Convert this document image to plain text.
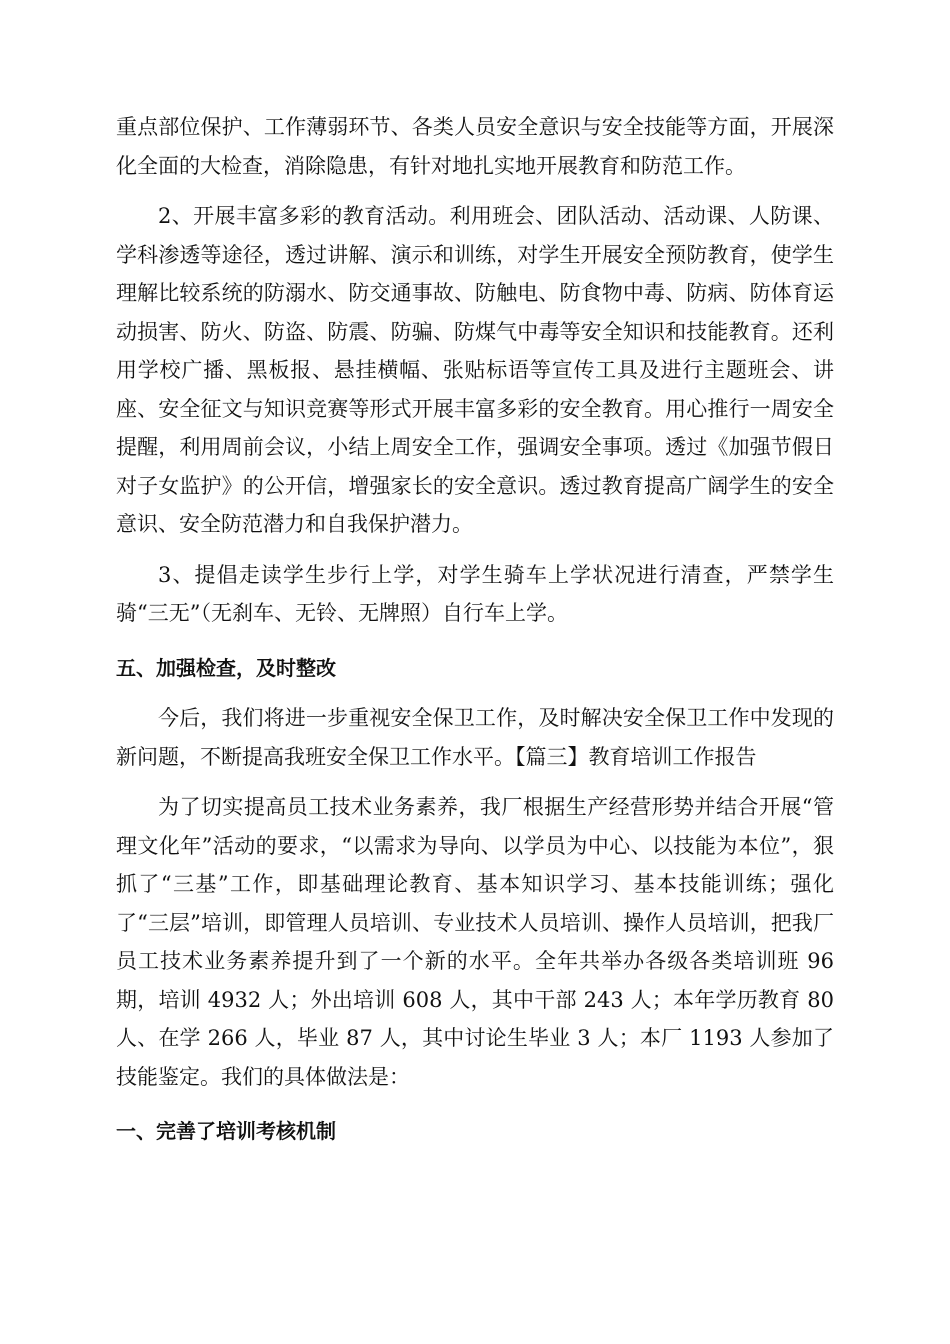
重点部位保护、工作薄弱环节、各类人员安全意识与安全技能等方面，开展深化全面的大检查，消除隐患，有针对地扎实地开展教育和防范工作。

2、开展丰富多彩的教育活动。利用班会、团队活动、活动课、人防课、学科渗透等途径，透过讲解、演示和训练，对学生开展安全预防教育，使学生理解比较系统的防溺水、防交通事故、防触电、防食物中毒、防病、防体育运动损害、防火、防盗、防震、防骗、防煤气中毒等安全知识和技能教育。还利用学校广播、黑板报、悬挂横幅、张贴标语等宣传工具及进行主题班会、讲座、安全征文与知识竞赛等形式开展丰富多彩的安全教育。用心推行一周安全提醒，利用周前会议，小结上周安全工作，强调安全事项。透过《加强节假日对子女监护》的公开信，增强家长的安全意识。透过教育提高广阔学生的安全意识、安全防范潜力和自我保护潜力。

3、提倡走读学生步行上学，对学生骑车上学状况进行清查，严禁学生骑“三无”（无刹车、无铃、无牌照）自行车上学。

五、加强检查，及时整改

今后，我们将进一步重视安全保卫工作，及时解决安全保卫工作中发现的新问题，不断提高我班安全保卫工作水平。【篇三】教育培训工作报告

为了切实提高员工技术业务素养，我厂根据生产经营形势并结合开展“管理文化年”活动的要求，“以需求为导向、以学员为中心、以技能为本位”，狠抓了“三基”工作，即基础理论教育、基本知识学习、基本技能训练；强化了“三层”培训，即管理人员培训、专业技术人员培训、操作人员培训，把我厂员工技术业务素养提升到了一个新的水平。全年共举办各级各类培训班 96 期，培训 4932 人；外出培训 608 人，其中干部 243 人；本年学历教育 80 人、在学 266 人，毕业 87 人，其中讨论生毕业 3 人；本厂 1193 人参加了技能鉴定。我们的具体做法是：

一、完善了培训考核机制
